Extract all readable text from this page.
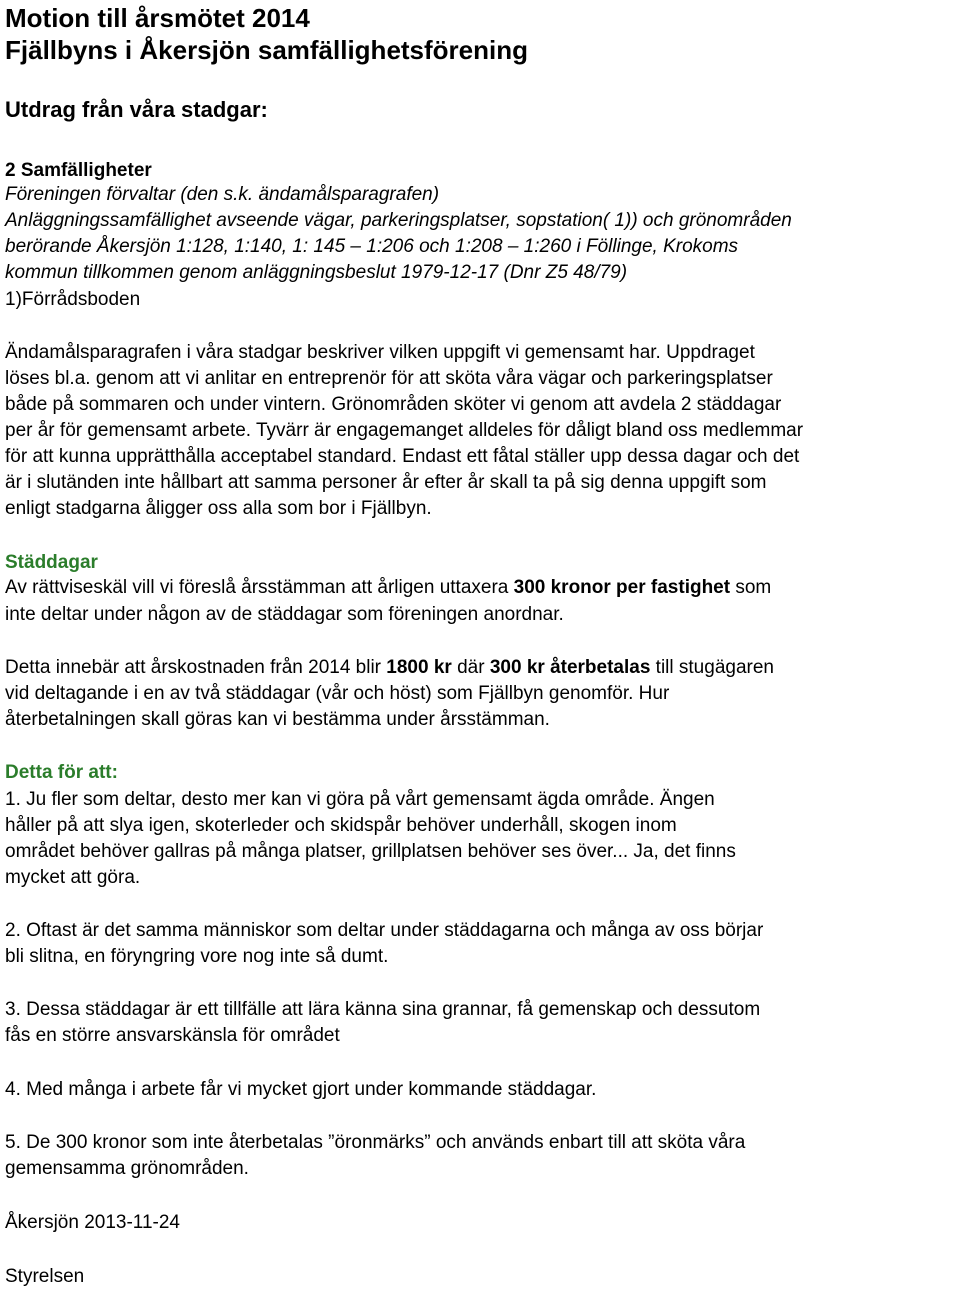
Motion till årsmötet 2014
Fjällbyns i Åkersjön samfällighetsförening
Utdrag från våra stadgar:
2 Samfälligheter
Föreningen förvaltar (den s.k. ändamålsparagrafen)
Anläggningssamfällighet avseende vägar, parkeringsplatser, sopstation( 1)) och grönområden
berörande Åkersjön 1:128, 1:140, 1: 145 – 1:206 och 1:208 – 1:260 i Föllinge, Krokoms
kommun tillkommen genom anläggningsbeslut 1979-12-17 (Dnr Z5 48/79)
1)Förrådsboden
Ändamålsparagrafen i våra stadgar beskriver vilken uppgift vi gemensamt har. Uppdraget
löses bl.a. genom att vi anlitar en entreprenör för att sköta våra vägar och parkeringsplatser
både på sommaren och under vintern. Grönområden sköter vi genom att avdela 2 städdagar
per år för gemensamt arbete. Tyvärr är engagemanget alldeles för dåligt bland oss medlemmar
för att kunna upprätthålla acceptabel standard. Endast ett fåtal ställer upp dessa dagar och det
är i slutänden inte hållbart att samma personer år efter år skall ta på sig denna uppgift som
enligt stadgarna åligger oss alla som bor i Fjällbyn.
Städdagar
Av rättviseskäl vill vi föreslå årsstämman att årligen uttaxera 300 kronor per fastighet som
inte deltar under någon av de städdagar som föreningen anordnar.
Detta innebär att årskostnaden från 2014 blir 1800 kr där 300 kr återbetalas till stugägaren
vid deltagande i en av två städdagar (vår och höst) som Fjällbyn genomför. Hur
återbetalningen skall göras kan vi bestämma under årsstämman.
Detta för att:
1. Ju fler som deltar, desto mer kan vi göra på vårt gemensamt ägda område. Ängen
håller på att slya igen, skoterleder och skidspår behöver underhåll, skogen inom
området behöver gallras på många platser, grillplatsen behöver ses över... Ja, det finns
mycket att göra.
2. Oftast är det samma människor som deltar under städdagarna och många av oss börjar
bli slitna, en föryngring vore nog inte så dumt.
3. Dessa städdagar är ett tillfälle att lära känna sina grannar, få gemenskap och dessutom
fås en större ansvarskänsla för området
4. Med många i arbete får vi mycket gjort under kommande städdagar.
5. De 300 kronor som inte återbetalas ”öronmärks” och används enbart till att sköta våra
gemensamma grönområden.
Åkersjön 2013-11-24
Styrelsen
